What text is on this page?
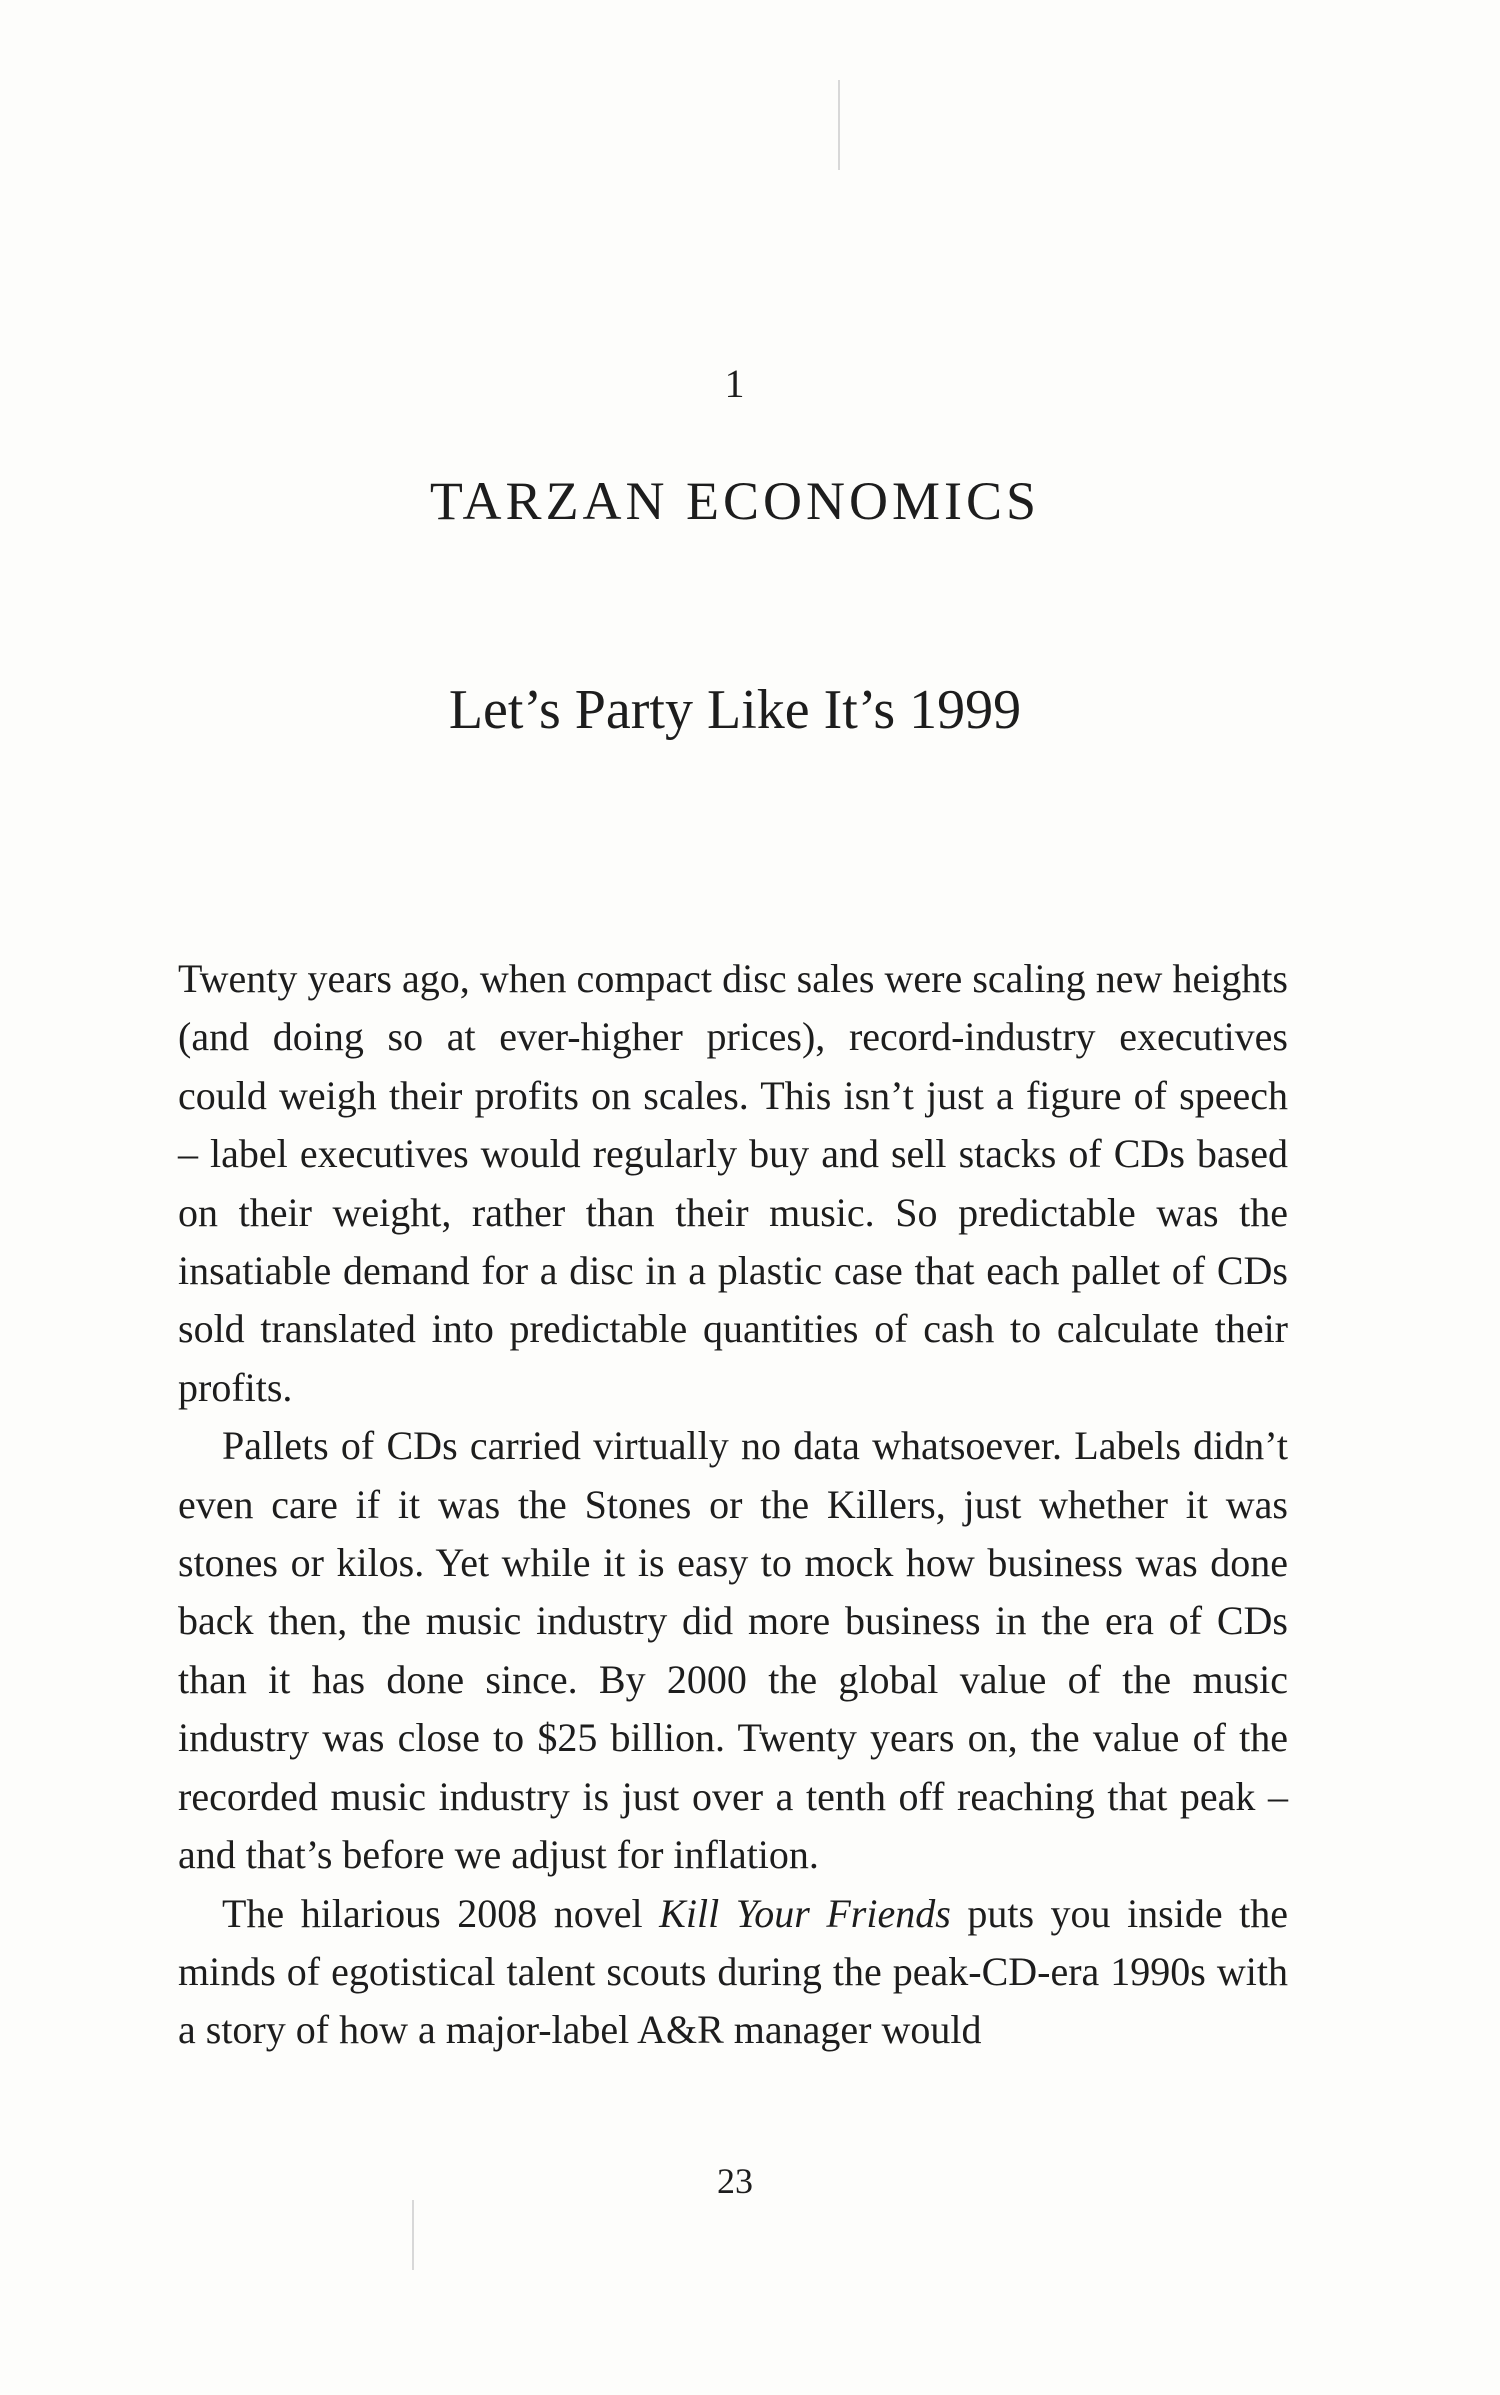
1
TARZAN ECONOMICS
Let’s Party Like It’s 1999

Twenty years ago, when compact disc sales were scaling new heights (and doing so at ever-higher prices), record-industry executives could weigh their profits on scales. This isn’t just a figure of speech – label executives would regularly buy and sell stacks of CDs based on their weight, rather than their music. So predictable was the insatiable demand for a disc in a plastic case that each pallet of CDs sold translated into predictable quantities of cash to calculate their profits.

Pallets of CDs carried virtually no data whatsoever. Labels didn’t even care if it was the Stones or the Killers, just whether it was stones or kilos. Yet while it is easy to mock how business was done back then, the music industry did more business in the era of CDs than it has done since. By 2000 the global value of the music industry was close to $25 billion. Twenty years on, the value of the recorded music industry is just over a tenth off reaching that peak – and that’s before we adjust for inflation.

The hilarious 2008 novel Kill Your Friends puts you inside the minds of egotistical talent scouts during the peak-CD-era 1990s with a story of how a major-label A&R manager would

23
